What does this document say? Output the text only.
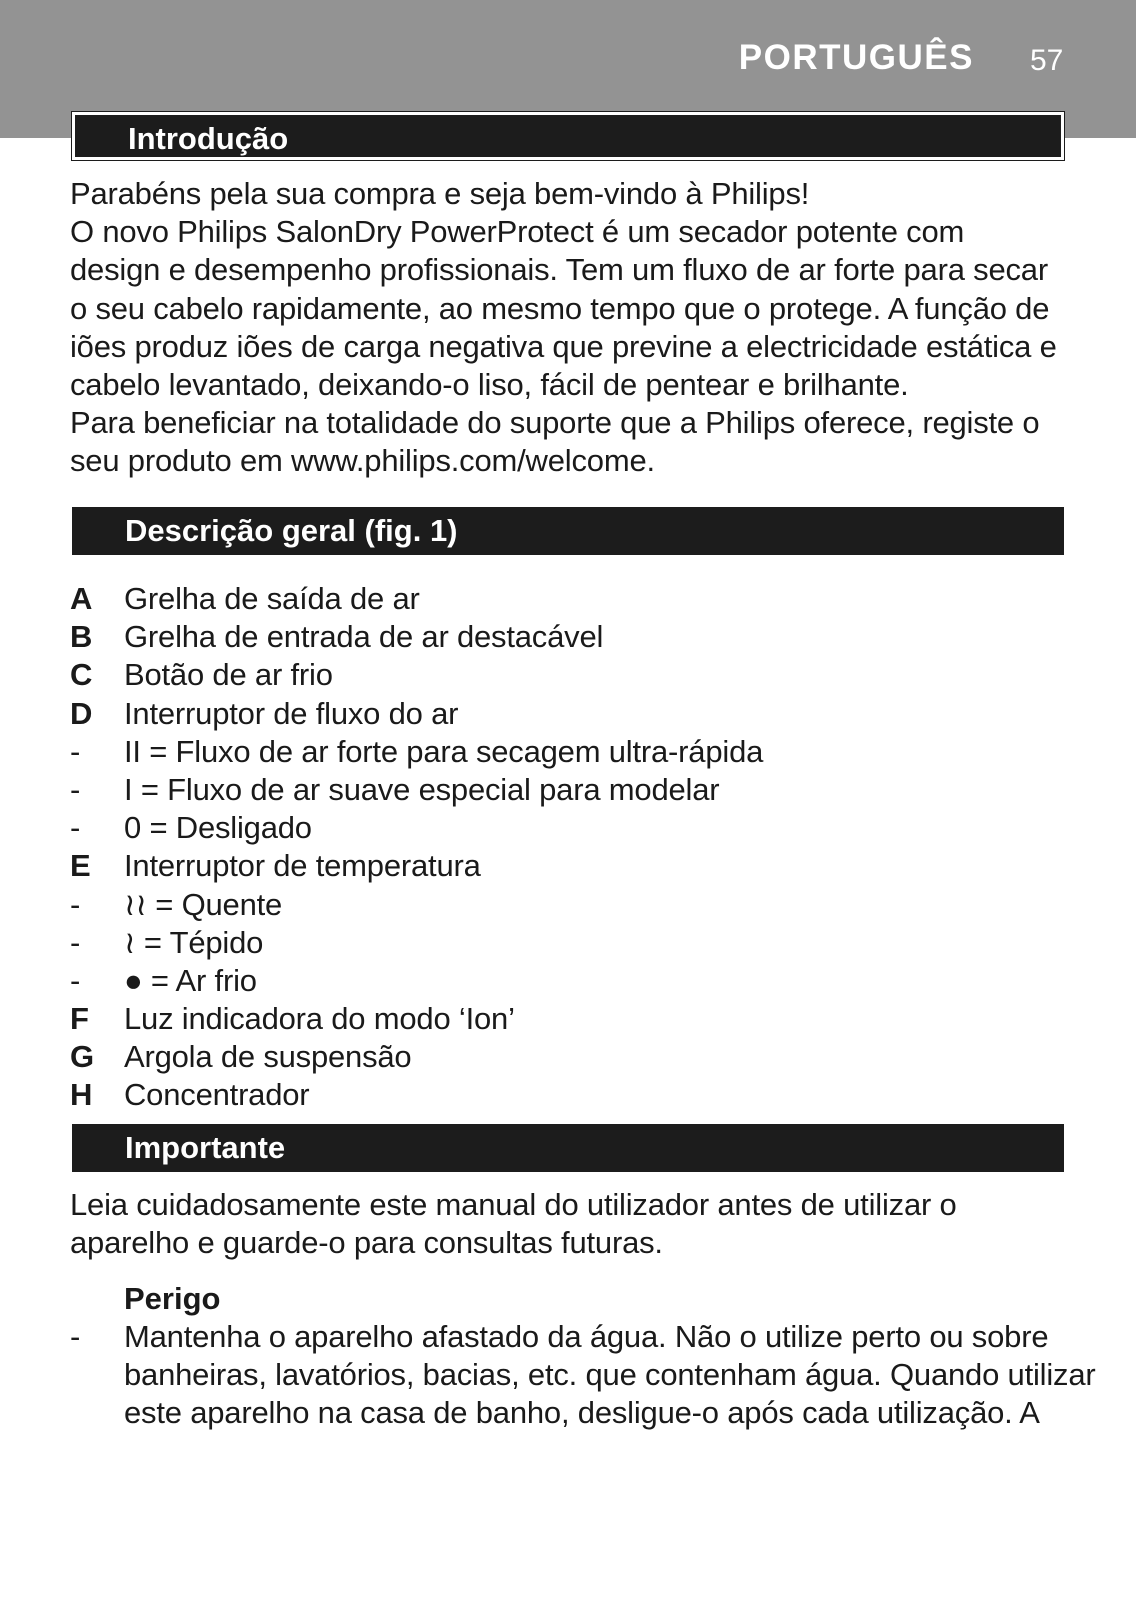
PORTUGUÊS 57
Introdução
Parabéns pela sua compra e seja bem-vindo à Philips!
O novo Philips SalonDry PowerProtect é um secador potente com
design e desempenho profissionais. Tem um fluxo de ar forte para secar
o seu cabelo rapidamente, ao mesmo tempo que o protege. A função de
iões produz iões de carga negativa que previne a electricidade estática e
cabelo levantado, deixando-o liso, fácil de pentear e brilhante.
Para beneficiar na totalidade do suporte que a Philips oferece, registe o
seu produto em www.philips.com/welcome.
Descrição geral (fig. 1)
A Grelha de saída de ar
B Grelha de entrada de ar destacável
C Botão de ar frio
D Interruptor de fluxo do ar
- II = Fluxo de ar forte para secagem ultra-rápida
- I = Fluxo de ar suave especial para modelar
- 0 = Desligado
E Interruptor de temperatura
- ≀≀ = Quente
- ≀ = Tépido
- ● = Ar frio
F Luz indicadora do modo ‘Ion’
G Argola de suspensão
H Concentrador
Importante
Leia cuidadosamente este manual do utilizador antes de utilizar o
aparelho e guarde-o para consultas futuras.
Perigo
- Mantenha o aparelho afastado da água. Não o utilize perto ou sobre
banheiras, lavatórios, bacias, etc. que contenham água. Quando utilizar
este aparelho na casa de banho, desligue-o após cada utilização. A
